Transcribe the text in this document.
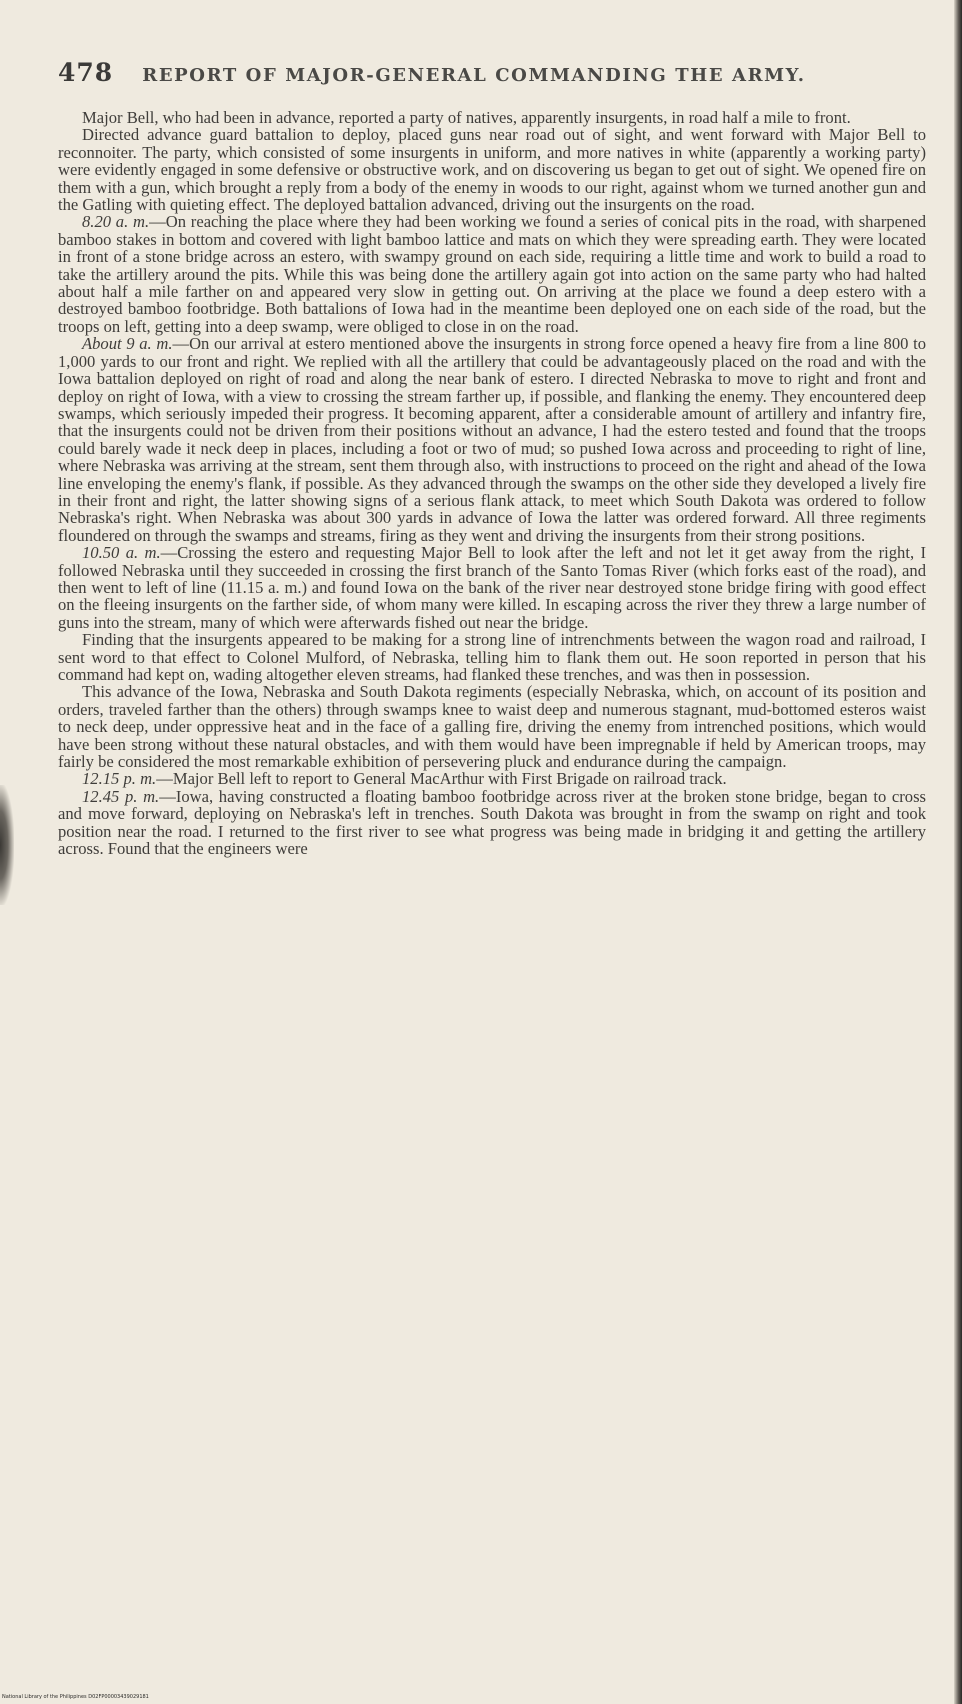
478 REPORT OF MAJOR-GENERAL COMMANDING THE ARMY.

Major Bell, who had been in advance, reported a party of natives, apparently insurgents, in road half a mile to front.

Directed advance guard battalion to deploy, placed guns near road out of sight, and went forward with Major Bell to reconnoiter. The party, which consisted of some insurgents in uniform, and more natives in white (apparently a working party) were evidently engaged in some defensive or obstructive work, and on discovering us began to get out of sight. We opened fire on them with a gun, which brought a reply from a body of the enemy in woods to our right, against whom we turned another gun and the Gatling with quieting effect. The deployed battalion advanced, driving out the insurgents on the road.

8.20 a. m.—On reaching the place where they had been working we found a series of conical pits in the road, with sharpened bamboo stakes in bottom and covered with light bamboo lattice and mats on which they were spreading earth. They were located in front of a stone bridge across an estero, with swampy ground on each side, requiring a little time and work to build a road to take the artillery around the pits. While this was being done the artillery again got into action on the same party who had halted about half a mile farther on and appeared very slow in getting out. On arriving at the place we found a deep estero with a destroyed bamboo footbridge. Both battalions of Iowa had in the meantime been deployed one on each side of the road, but the troops on left, getting into a deep swamp, were obliged to close in on the road.

About 9 a. m.—On our arrival at estero mentioned above the insurgents in strong force opened a heavy fire from a line 800 to 1,000 yards to our front and right. We replied with all the artillery that could be advantageously placed on the road and with the Iowa battalion deployed on right of road and along the near bank of estero. I directed Nebraska to move to right and front and deploy on right of Iowa, with a view to crossing the stream farther up, if possible, and flanking the enemy. They encountered deep swamps, which seriously impeded their progress. It becoming apparent, after a considerable amount of artillery and infantry fire, that the insurgents could not be driven from their positions without an advance, I had the estero tested and found that the troops could barely wade it neck deep in places, including a foot or two of mud; so pushed Iowa across and proceeding to right of line, where Nebraska was arriving at the stream, sent them through also, with instructions to proceed on the right and ahead of the Iowa line enveloping the enemy's flank, if possible. As they advanced through the swamps on the other side they developed a lively fire in their front and right, the latter showing signs of a serious flank attack, to meet which South Dakota was ordered to follow Nebraska's right. When Nebraska was about 300 yards in advance of Iowa the latter was ordered forward. All three regiments floundered on through the swamps and streams, firing as they went and driving the insurgents from their strong positions.

10.50 a. m.—Crossing the estero and requesting Major Bell to look after the left and not let it get away from the right, I followed Nebraska until they succeeded in crossing the first branch of the Santo Tomas River (which forks east of the road), and then went to left of line (11.15 a. m.) and found Iowa on the bank of the river near destroyed stone bridge firing with good effect on the fleeing insurgents on the farther side, of whom many were killed. In escaping across the river they threw a large number of guns into the stream, many of which were afterwards fished out near the bridge.

Finding that the insurgents appeared to be making for a strong line of intrenchments between the wagon road and railroad, I sent word to that effect to Colonel Mulford, of Nebraska, telling him to flank them out. He soon reported in person that his command had kept on, wading altogether eleven streams, had flanked these trenches, and was then in possession.

This advance of the Iowa, Nebraska and South Dakota regiments (especially Nebraska, which, on account of its position and orders, traveled farther than the others) through swamps knee to waist deep and numerous stagnant, mud-bottomed esteros waist to neck deep, under oppressive heat and in the face of a galling fire, driving the enemy from intrenched positions, which would have been strong without these natural obstacles, and with them would have been impregnable if held by American troops, may fairly be considered the most remarkable exhibition of persevering pluck and endurance during the campaign.

12.15 p. m.—Major Bell left to report to General MacArthur with First Brigade on railroad track.

12.45 p. m.—Iowa, having constructed a floating bamboo footbridge across river at the broken stone bridge, began to cross and move forward, deploying on Nebraska's left in trenches. South Dakota was brought in from the swamp on right and took position near the road. I returned to the first river to see what progress was being made in bridging it and getting the artillery across. Found that the engineers were

National Library of the Philippines D02FP00003439029181
